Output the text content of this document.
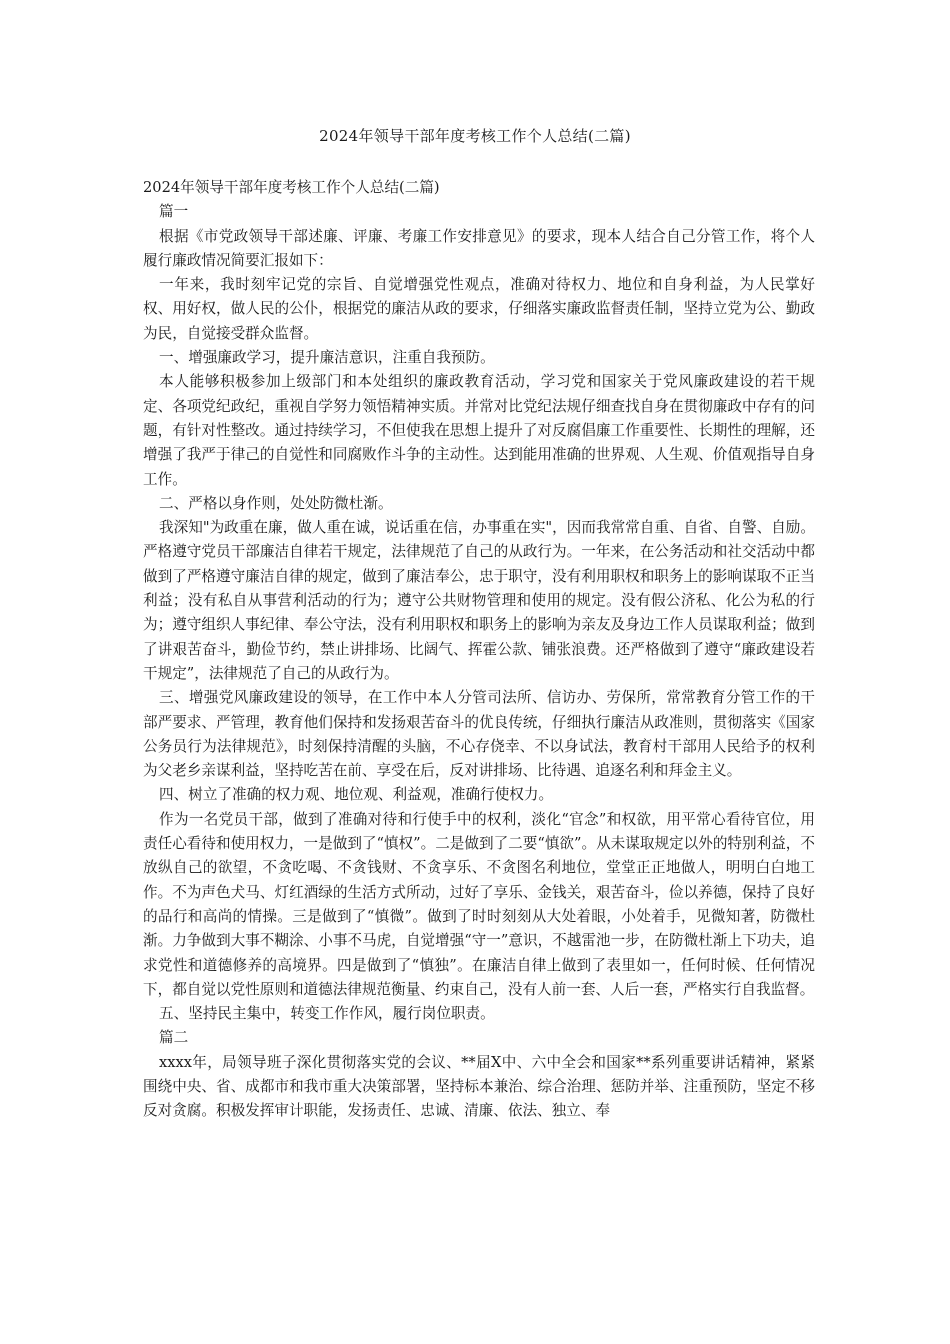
2024年领导干部年度考核工作个人总结(二篇)

2024年领导干部年度考核工作个人总结(二篇)

篇一

根据《市党政领导干部述廉、评廉、考廉工作安排意见》的要求，现本人结合自己分管工作，将个人履行廉政情况简要汇报如下：

一年来，我时刻牢记党的宗旨、自觉增强党性观点，准确对待权力、地位和自身利益，为人民掌好权、用好权，做人民的公仆，根据党的廉洁从政的要求，仔细落实廉政监督责任制，坚持立党为公、勤政为民，自觉接受群众监督。

一、增强廉政学习，提升廉洁意识，注重自我预防。

本人能够积极参加上级部门和本处组织的廉政教育活动，学习党和国家关于党风廉政建设的若干规定、各项党纪政纪，重视自学努力领悟精神实质。并常对比党纪法规仔细查找自身在贯彻廉政中存有的问题，有针对性整改。通过持续学习，不但使我在思想上提升了对反腐倡廉工作重要性、长期性的理解，还增强了我严于律己的自觉性和同腐败作斗争的主动性。达到能用准确的世界观、人生观、价值观指导自身工作。

二、严格以身作则，处处防微杜渐。

我深知"为政重在廉，做人重在诚，说话重在信，办事重在实"，因而我常常自重、自省、自警、自励。严格遵守党员干部廉洁自律若干规定，法律规范了自己的从政行为。一年来，在公务活动和社交活动中都做到了严格遵守廉洁自律的规定，做到了廉洁奉公，忠于职守，没有利用职权和职务上的影响谋取不正当利益；没有私自从事营利活动的行为；遵守公共财物管理和使用的规定。没有假公济私、化公为私的行为；遵守组织人事纪律、奉公守法，没有利用职权和职务上的影响为亲友及身边工作人员谋取利益；做到了讲艰苦奋斗，勤俭节约，禁止讲排场、比阔气、挥霍公款、铺张浪费。还严格做到了遵守“廉政建设若干规定”，法律规范了自己的从政行为。

三、增强党风廉政建设的领导，在工作中本人分管司法所、信访办、劳保所，常常教育分管工作的干部严要求、严管理，教育他们保持和发扬艰苦奋斗的优良传统，仔细执行廉洁从政准则，贯彻落实《国家公务员行为法律规范》，时刻保持清醒的头脑，不心存侥幸、不以身试法，教育村干部用人民给予的权利为父老乡亲谋利益，坚持吃苦在前、享受在后，反对讲排场、比待遇、追逐名利和拜金主义。

四、树立了准确的权力观、地位观、利益观，准确行使权力。

作为一名党员干部，做到了准确对待和行使手中的权利，淡化“官念”和权欲，用平常心看待官位，用责任心看待和使用权力，一是做到了“慎权”。二是做到了二要“慎欲”。从未谋取规定以外的特别利益，不放纵自己的欲望，不贪吃喝、不贪钱财、不贪享乐、不贪图名利地位，堂堂正正地做人，明明白白地工作。不为声色犬马、灯红酒绿的生活方式所动，过好了享乐、金钱关，艰苦奋斗，俭以养德，保持了良好的品行和高尚的情操。三是做到了“慎微”。做到了时时刻刻从大处着眼，小处着手，见微知著，防微杜渐。力争做到大事不糊涂、小事不马虎，自觉增强“守一”意识，不越雷池一步，在防微杜渐上下功夫，追求党性和道德修养的高境界。四是做到了“慎独”。在廉洁自律上做到了表里如一，任何时候、任何情况下，都自觉以党性原则和道德法律规范衡量、约束自己，没有人前一套、人后一套，严格实行自我监督。

五、坚持民主集中，转变工作作风，履行岗位职责。

篇二

xxxx年，局领导班子深化贯彻落实党的会议、**届X中、六中全会和国家**系列重要讲话精神，紧紧围绕中央、省、成都市和我市重大决策部署，坚持标本兼治、综合治理、惩防并举、注重预防，坚定不移反对贪腐。积极发挥审计职能，发扬责任、忠诚、清廉、依法、独立、奉
